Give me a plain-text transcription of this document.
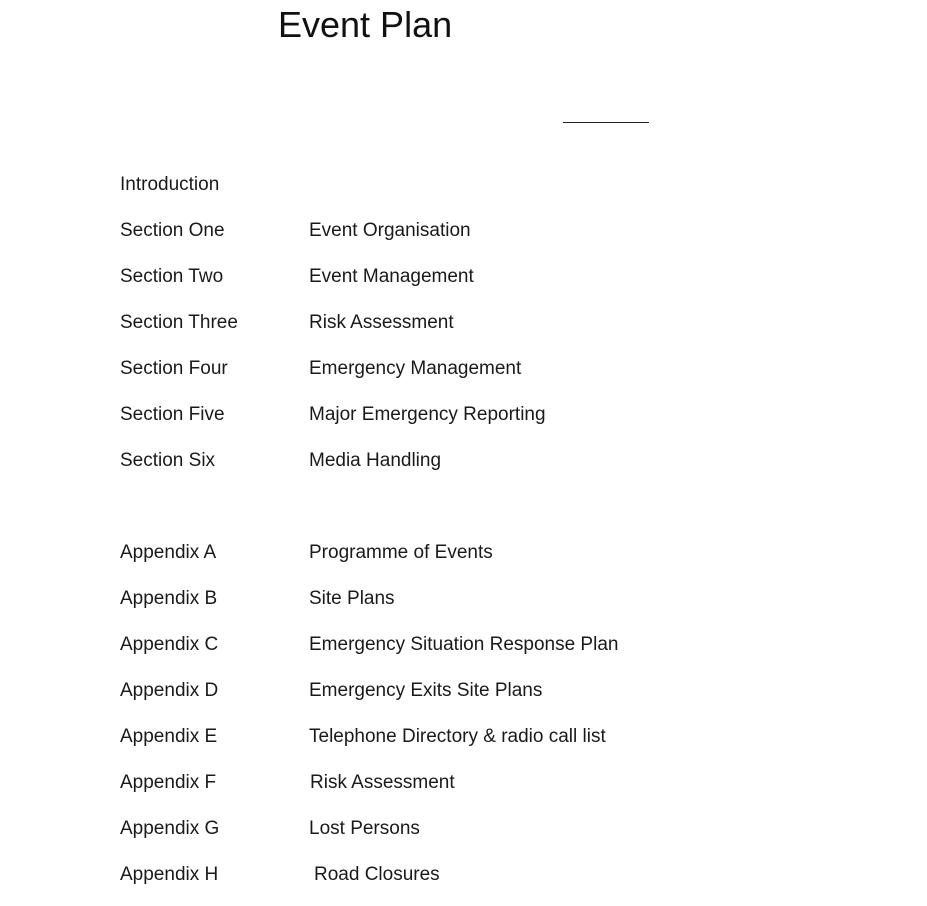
Event Plan
Introduction
Section One	Event Organisation
Section Two	Event Management
Section Three	Risk Assessment
Section Four	Emergency Management
Section Five	Major Emergency Reporting
Section Six	Media Handling
Appendix A	Programme of Events
Appendix B	Site Plans
Appendix C	Emergency Situation Response Plan
Appendix D	Emergency Exits Site Plans
Appendix E	Telephone Directory & radio call list
Appendix F	Risk Assessment
Appendix G	Lost Persons
Appendix H	Road Closures
